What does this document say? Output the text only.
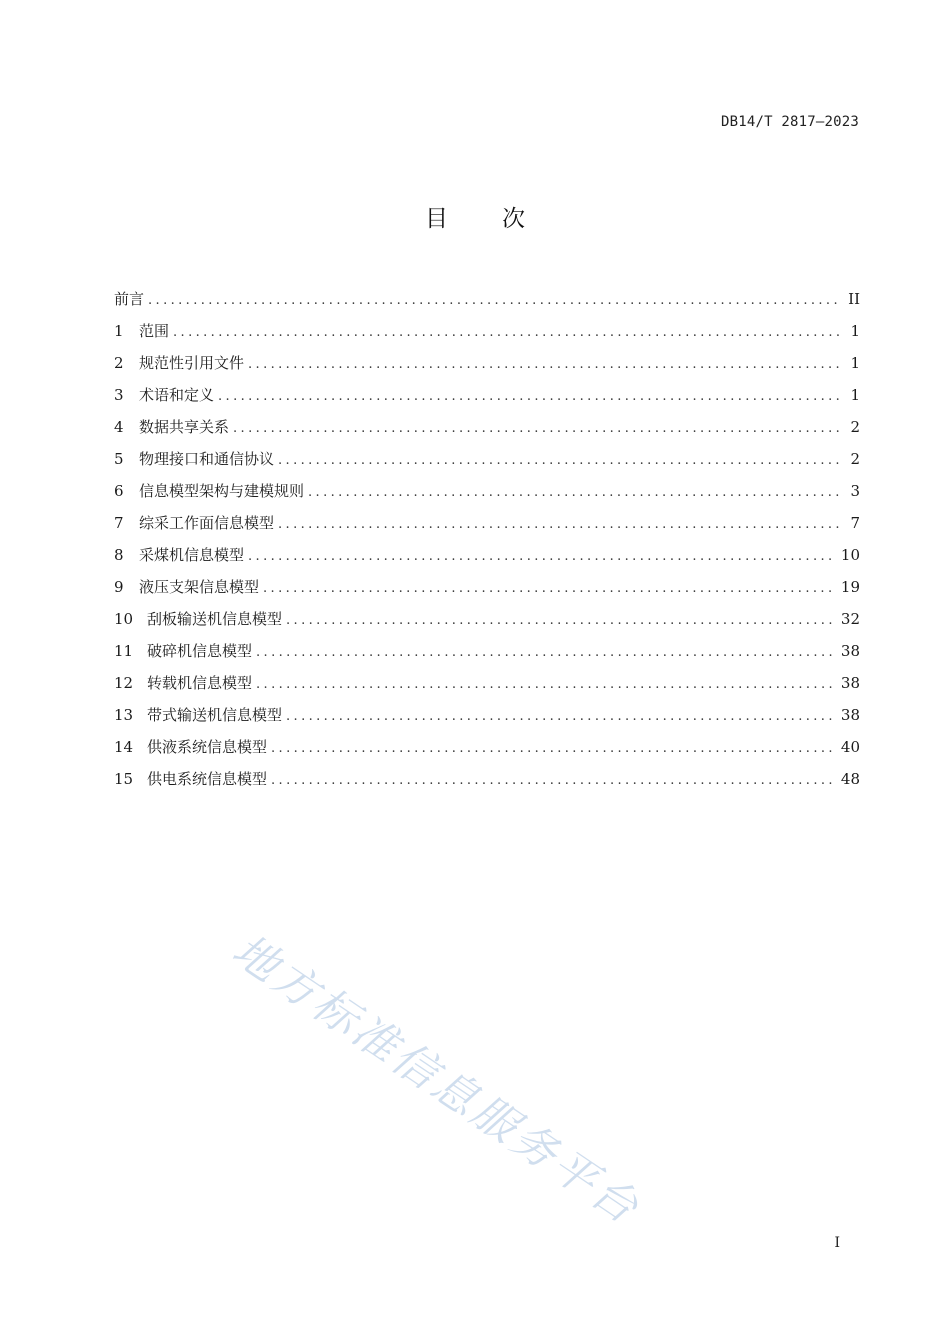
DB14/T 2817—2023
目 次
前言 .....	II
1	范围 .....	1
2	规范性引用文件 .....	1
3	术语和定义 .....	1
4	数据共享关系 .....	2
5	物理接口和通信协议 .....	2
6	信息模型架构与建模规则 .....	3
7	综采工作面信息模型 .....	7
8	采煤机信息模型 .....	10
9	液压支架信息模型 .....	19
10 刮板输送机信息模型 .....	32
11 破碎机信息模型 .....	38
12 转载机信息模型 .....	38
13 带式输送机信息模型 .....	38
14 供液系统信息模型 .....	40
15 供电系统信息模型 .....	48
地方标准信息服务平台
I
